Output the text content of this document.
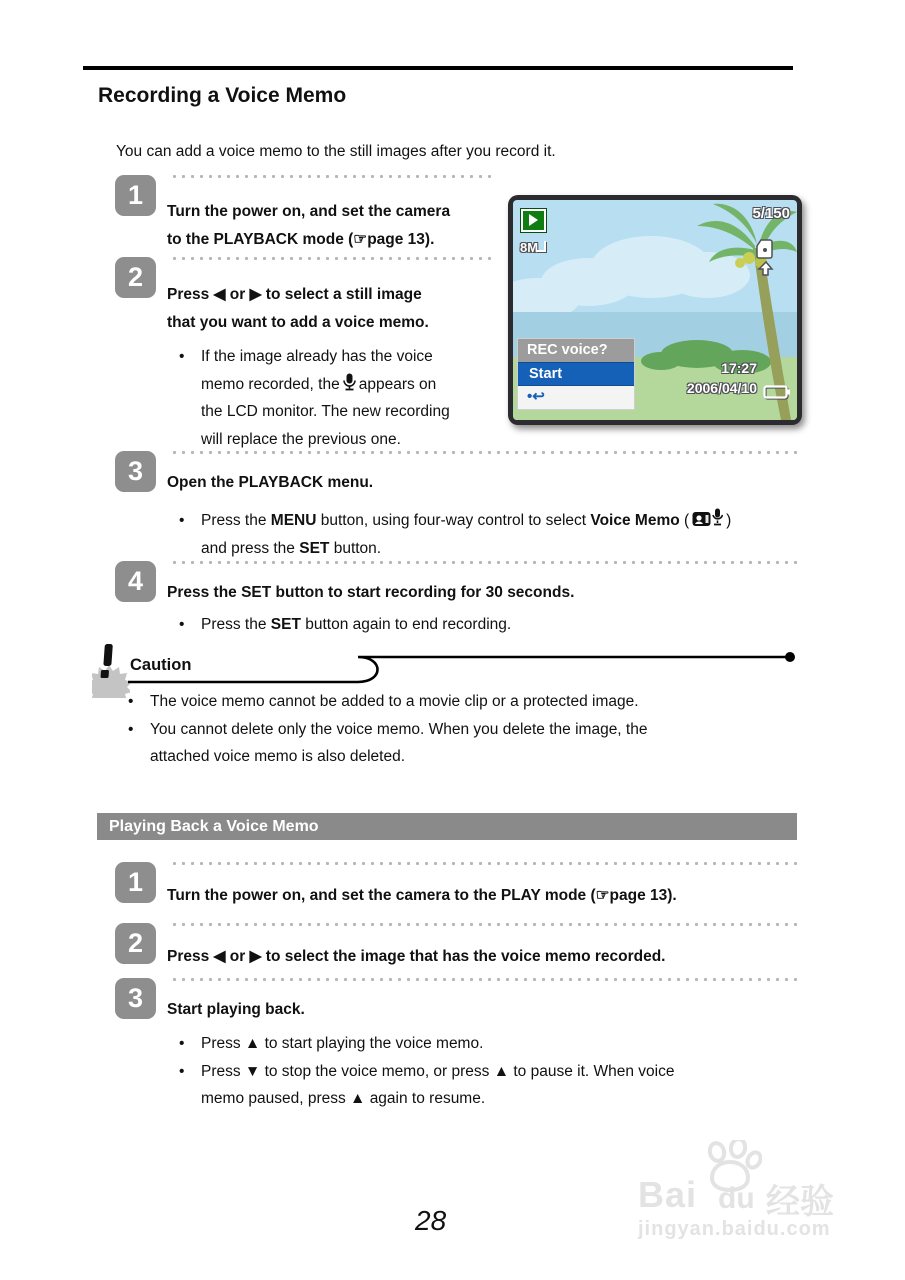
Recording a Voice Memo
You can add a voice memo to the still images after you record it.
1
Turn the power on, and set the camera
to the PLAYBACK mode (☞page 13).
2
Press ◀ or ▶ to select a still image
that you want to add a voice memo.
• If the image already has the voice
memo recorded, the appears on
the LCD monitor. The new recording
will replace the previous one.
5/150
8M
REC voice?
Start
•↩
17:27
2006/04/10
3	Open the PLAYBACK menu.
• Press the MENU button, using four-way control to select Voice Memo ( )
and press the SET button.
4	Press the SET button to start recording for 30 seconds.
• Press the SET button again to end recording.
Caution
• The voice memo cannot be added to a movie clip or a protected image.
• You cannot delete only the voice memo. When you delete the image, the
attached voice memo is also deleted.
Playing Back a Voice Memo
1	Turn the power on, and set the camera to the PLAY mode (☞page 13).
2	Press ◀ or ▶ to select the image that has the voice memo recorded.
3	Start playing back.
• Press ▲ to start playing the voice memo.
• Press ▼ to stop the voice memo, or press ▲ to pause it. When voice
memo paused, press ▲ again to resume.
28
Bai du 经验
jingyan.baidu.com
